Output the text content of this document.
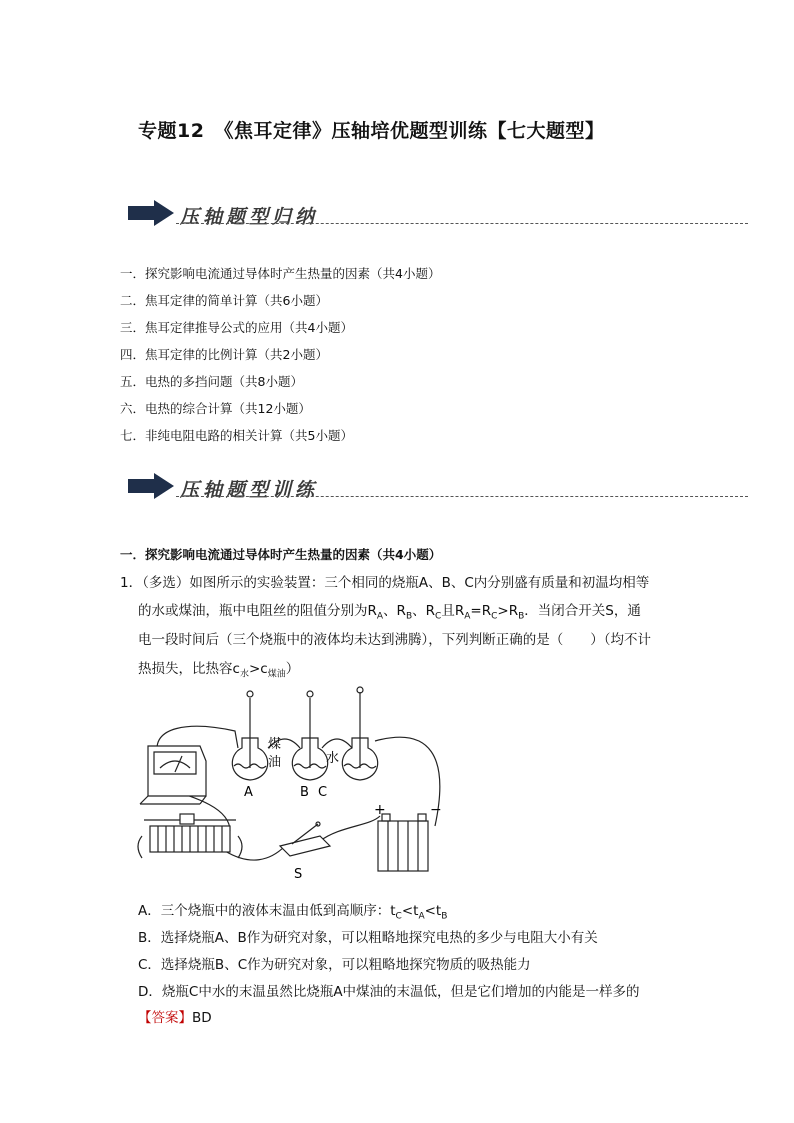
专题12　《焦耳定律》压轴培优题型训练【七大题型】
压轴题型归纳
一．探究影响电流通过导体时产生热量的因素（共4小题）
二．焦耳定律的简单计算（共6小题）
三．焦耳定律推导公式的应用（共4小题）
四．焦耳定律的比例计算（共2小题）
五．电热的多挡问题（共8小题）
六．电热的综合计算（共12小题）
七．非纯电阻电路的相关计算（共5小题）
压轴题型训练
一．探究影响电流通过导体时产生热量的因素（共4小题）
1．（多选）如图所示的实验装置：三个相同的烧瓶A、B、C内分别盛有质量和初温均相等
的水或煤油，瓶中电阻丝的阻值分别为$R_A$、$R_B$、$R_C$且$R_A=R_C>R_B$．当闭合开关S，通
电一段时间后（三个烧瓶中的液体均未达到沸腾），下列判断正确的是（　　）（均不计
热损失，比热容$c_水>c_{煤油}$）
煤
油	水
A	B C
S
+	−
A．三个烧瓶中的液体末温由低到高顺序：$t_C<t_A<t_B$
B．选择烧瓶A、B作为研究对象，可以粗略地探究电热的多少与电阻大小有关
C．选择烧瓶B、C作为研究对象，可以粗略地探究物质的吸热能力
D．烧瓶C中水的末温虽然比烧瓶A中煤油的末温低，但是它们增加的内能是一样多的
【答案】BD
